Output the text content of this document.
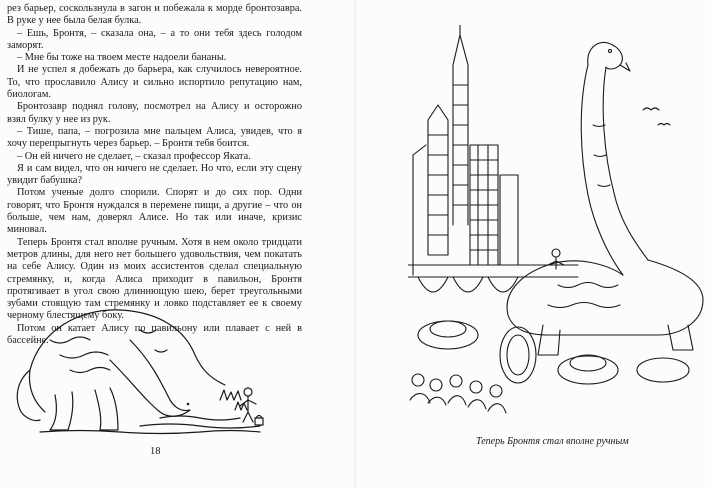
рез барьер, соскользнула в загон и побежала к морде бронтозавра. В руке у нее была белая булка.

– Ешь, Бронтя, – сказала она, – а то они тебя здесь голодом заморят.

– Мне бы тоже на твоем месте надоели бананы.

И не успел я добежать до барьера, как случилось невероятное. То, что прославило Алису и сильно испортило репутацию нам, биологам.

Бронтозавр поднял голову, посмотрел на Алису и осторожно взял булку у нее из рук.

– Тише, папа, – погрозила мне пальцем Алиса, увидев, что я хочу перепрыгнуть через барьер. – Бронтя тебя боится.

– Он ей ничего не сделает, – сказал профессор Яката.

Я и сам видел, что он ничего не сделает. Но что, если эту сцену увидит бабушка?

Потом ученые долго спорили. Спорят и до сих пор. Одни говорят, что Бронтя нуждался в перемене пищи, а другие – что он больше, чем нам, доверял Алисе. Но так или иначе, кризис миновал.

Теперь Бронтя стал вполне ручным. Хотя в нем около тридцати метров длины, для него нет большего удовольствия, чем покатать на себе Алису. Один из моих ассистентов сделал специальную стремянку, и, когда Алиса приходит в павильон, Бронтя протягивает в угол свою длиннющую шею, берет треугольными зубами стоящую там стремянку и ловко подставляет ее к своему черному блестящему боку.

Потом он катает Алису по павильону или плавает с ней в бассейне.

18
Теперь Бронтя стал вполне ручным
